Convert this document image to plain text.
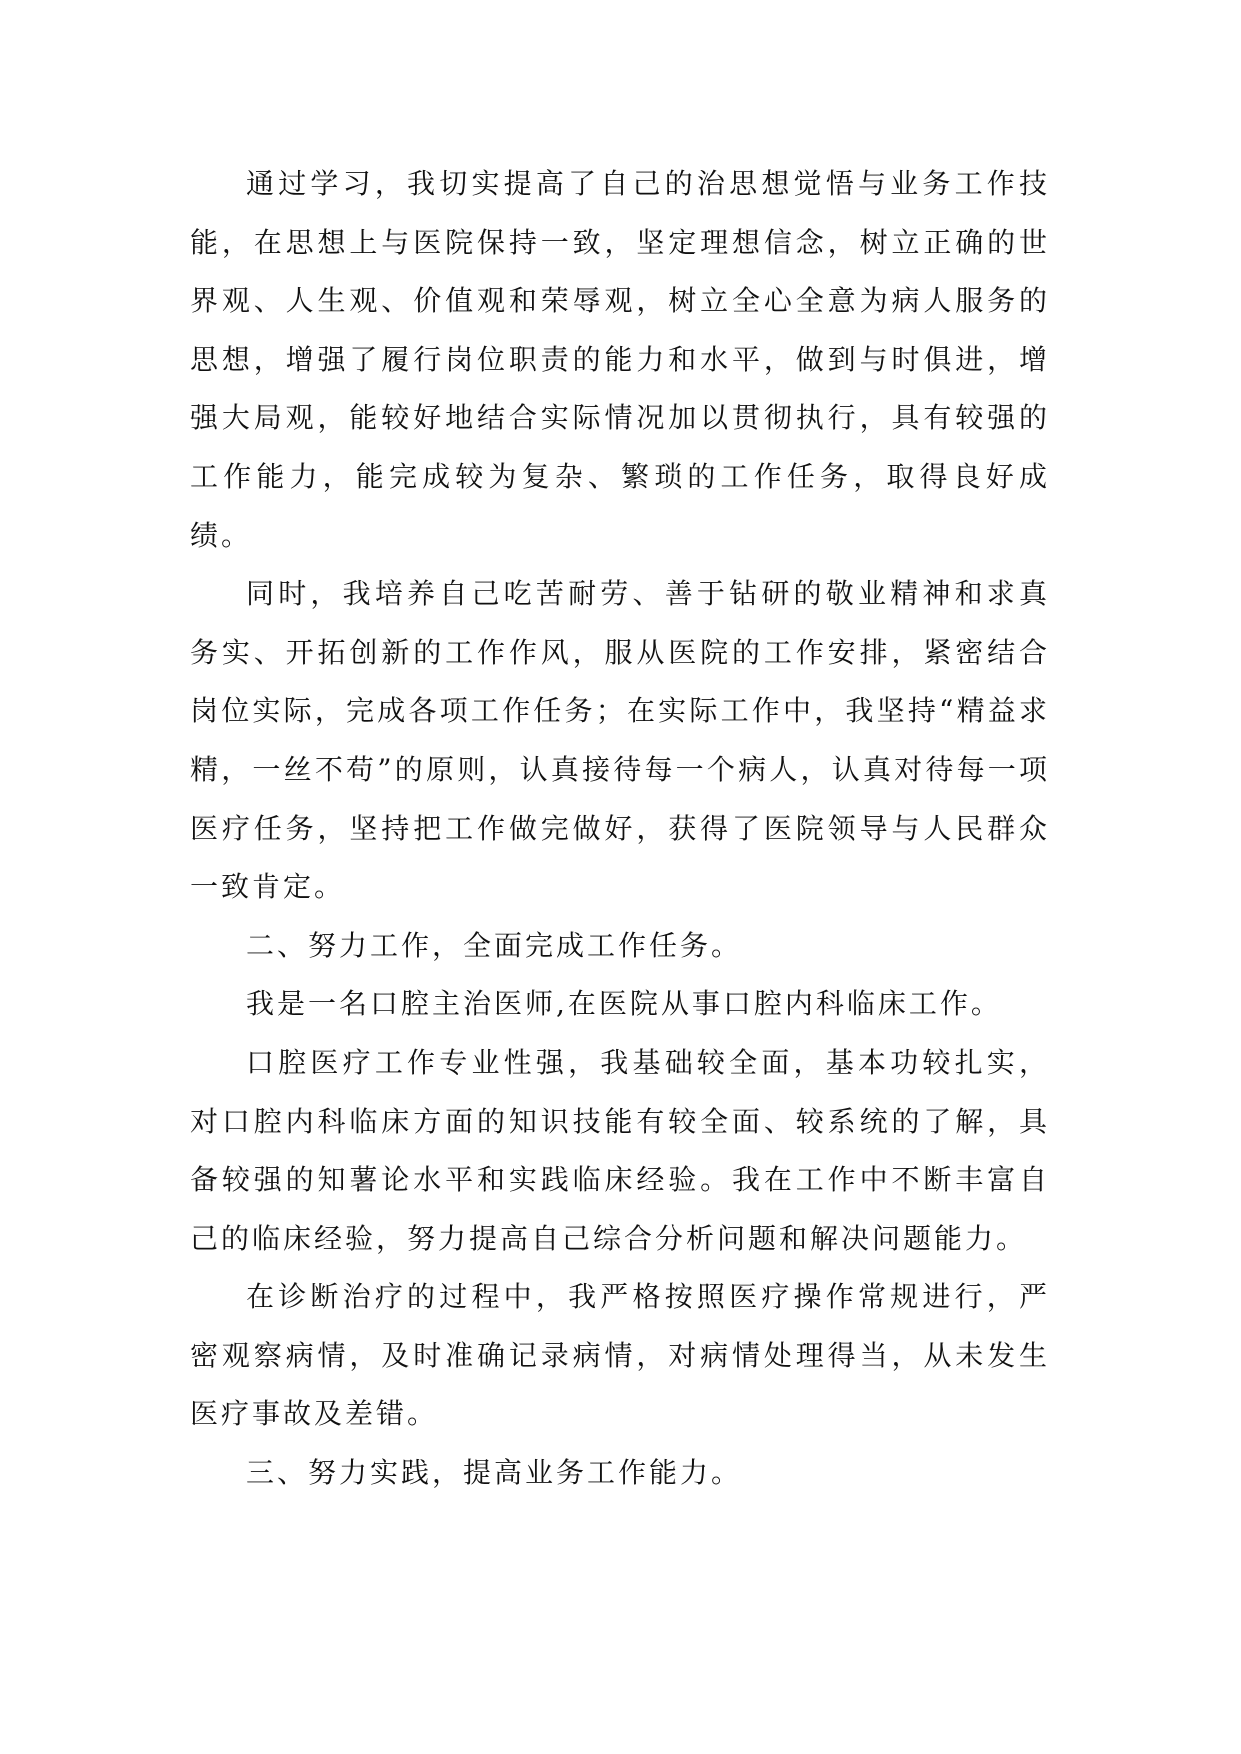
通过学习，我切实提高了自己的治思想觉悟与业务工作技能，在思想上与医院保持一致，坚定理想信念，树立正确的世界观、人生观、价值观和荣辱观，树立全心全意为病人服务的思想，增强了履行岗位职责的能力和水平，做到与时俱进，增强大局观，能较好地结合实际情况加以贯彻执行，具有较强的工作能力，能完成较为复杂、繁琐的工作任务，取得良好成绩。

同时，我培养自己吃苦耐劳、善于钻研的敬业精神和求真务实、开拓创新的工作作风，服从医院的工作安排，紧密结合岗位实际，完成各项工作任务；在实际工作中，我坚持“精益求精，一丝不苟”的原则，认真接待每一个病人，认真对待每一项医疗任务，坚持把工作做完做好，获得了医院领导与人民群众一致肯定。

二、努力工作，全面完成工作任务。

我是一名口腔主治医师,在医院从事口腔内科临床工作。

口腔医疗工作专业性强，我基础较全面，基本功较扎实，对口腔内科临床方面的知识技能有较全面、较系统的了解，具备较强的知薯论水平和实践临床经验。我在工作中不断丰富自己的临床经验，努力提高自己综合分析问题和解决问题能力。

在诊断治疗的过程中，我严格按照医疗操作常规进行，严密观察病情，及时准确记录病情，对病情处理得当，从未发生医疗事故及差错。

三、努力实践，提高业务工作能力。
